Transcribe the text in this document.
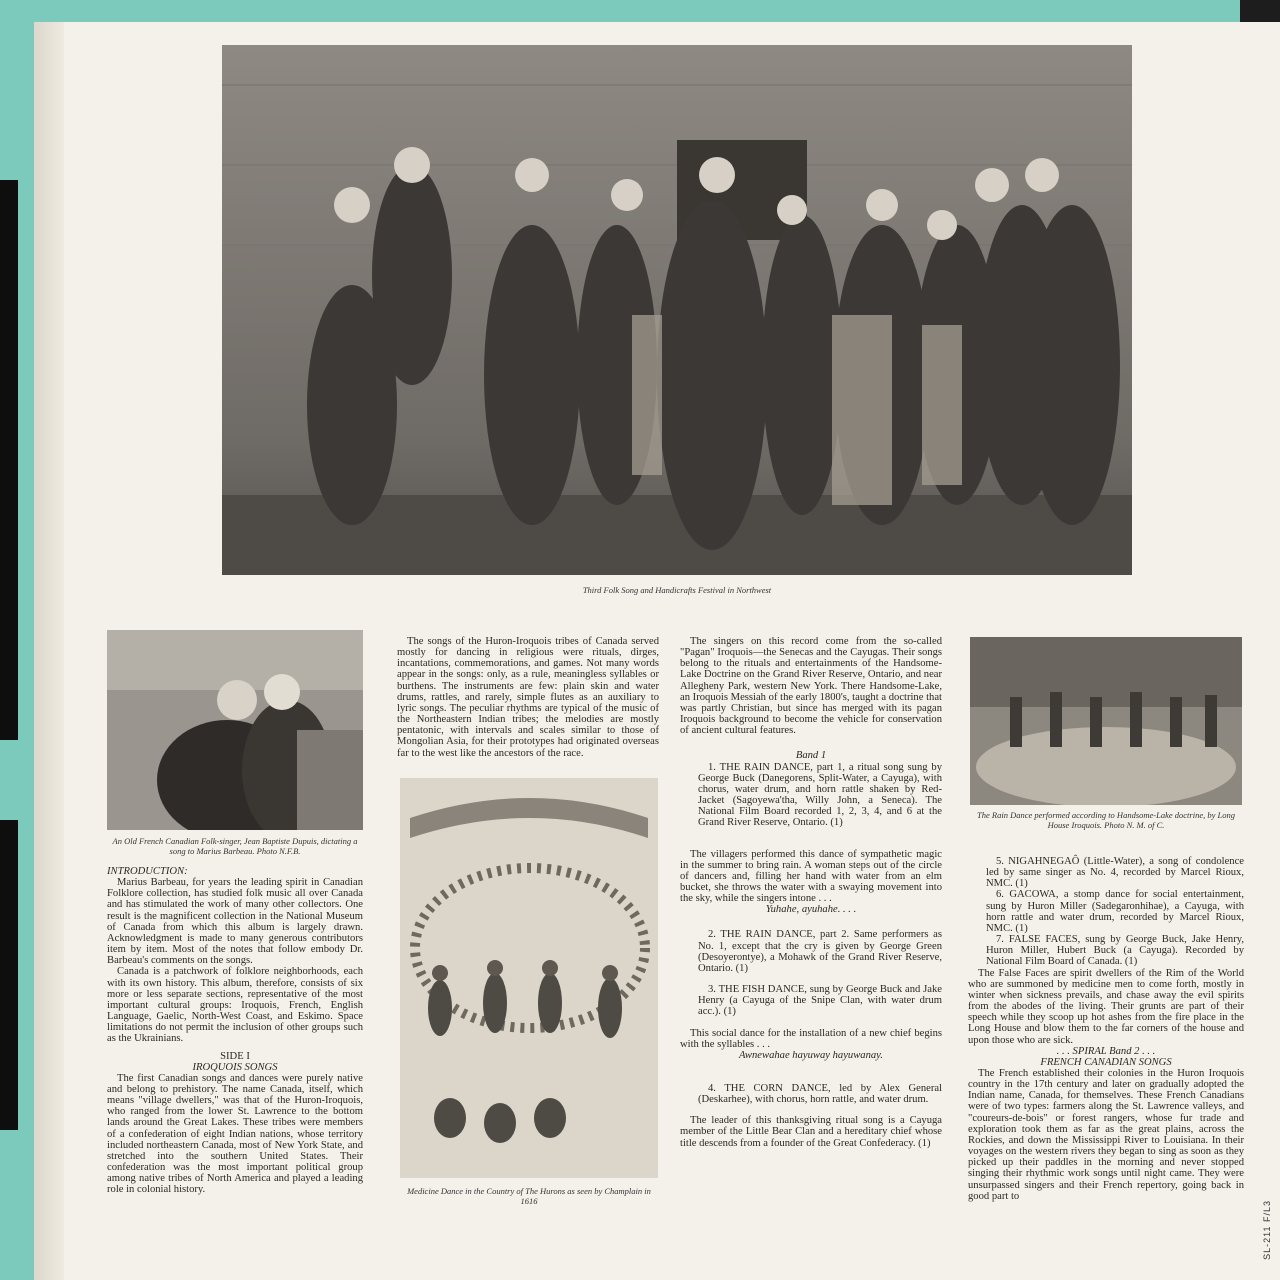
Third Folk Song and Handicrafts Festival in Northwest
An Old French Canadian Folk-singer, Jean Baptiste Dupuis, dictating a song to Marius Barbeau. Photo N.F.B.
Medicine Dance in the Country of The Hurons as seen by Champlain in 1616
The Rain Dance performed according to Handsome-Lake doctrine, by Long House Iroquois. Photo N. M. of C.

INTRODUCTION:

Marius Barbeau, for years the leading spirit in Canadian Folklore collection, has studied folk music all over Canada and has stimulated the work of many other collectors. One result is the magnificent collection in the National Museum of Canada from which this album is largely drawn. Acknowledgment is made to many generous contributors item by item. Most of the notes that follow embody Dr. Barbeau's comments on the songs.

Canada is a patchwork of folklore neighborhoods, each with its own history. This album, therefore, consists of six more or less separate sections, representative of the most important cultural groups: Iroquois, French, English Language, Gaelic, North-West Coast, and Eskimo. Space limitations do not permit the inclusion of other groups such as the Ukrainians.

SIDE I

IROQUOIS SONGS

The first Canadian songs and dances were purely native and belong to prehistory. The name Canada, itself, which means "village dwellers," was that of the Huron-Iroquois, who ranged from the lower St. Lawrence to the bottom lands around the Great Lakes. These tribes were members of a confederation of eight Indian nations, whose territory included northeastern Canada, most of New York State, and stretched into the southern United States. Their confederation was the most important political group among native tribes of North America and played a leading role in colonial history.

The songs of the Huron-Iroquois tribes of Canada served mostly for dancing in religious were rituals, dirges, incantations, commemorations, and games. Not many words appear in the songs: only, as a rule, meaningless syllables or burthens. The instruments are few: plain skin and water drums, rattles, and rarely, simple flutes as an auxiliary to lyric songs. The peculiar rhythms are typical of the music of the Northeastern Indian tribes; the melodies are mostly pentatonic, with intervals and scales similar to those of Mongolian Asia, for their prototypes had originated overseas far to the west like the ancestors of the race.

The singers on this record come from the so-called "Pagan" Iroquois—the Senecas and the Cayugas. Their songs belong to the rituals and entertainments of the Handsome-Lake Doctrine on the Grand River Reserve, Ontario, and near Allegheny Park, western New York. There Handsome-Lake, an Iroquois Messiah of the early 1800's, taught a doctrine that was partly Christian, but since has merged with its pagan Iroquois background to become the vehicle for conservation of ancient cultural features.

Band 1

1. THE RAIN DANCE, part 1, a ritual song sung by George Buck (Danegorens, Split-Water, a Cayuga), with chorus, water drum, and horn rattle shaken by Red-Jacket (Sagoyewa'tha, Willy John, a Seneca). The National Film Board recorded 1, 2, 3, 4, and 6 at the Grand River Reserve, Ontario. (1)

The villagers performed this dance of sympathetic magic in the summer to bring rain. A woman steps out of the circle of dancers and, filling her hand with water from an elm bucket, she throws the water with a swaying movement into the sky, while the singers intone . . .

Yuhahe, ayuhahe. . . .

2. THE RAIN DANCE, part 2. Same performers as No. 1, except that the cry is given by George Green (Desoyerontye), a Mohawk of the Grand River Reserve, Ontario. (1)

3. THE FISH DANCE, sung by George Buck and Jake Henry (a Cayuga of the Snipe Clan, with water drum acc.). (1)

This social dance for the installation of a new chief begins with the syllables . . .

Awnewahae hayuway hayuwanay.

4. THE CORN DANCE, led by Alex General (Deskarhee), with chorus, horn rattle, and water drum.

The leader of this thanksgiving ritual song is a Cayuga member of the Little Bear Clan and a hereditary chief whose title descends from a founder of the Great Confederacy. (1)

5. NIGAHNEGAÔ (Little-Water), a song of condolence led by same singer as No. 4, recorded by Marcel Rioux, NMC. (1)

6. GACOWA, a stomp dance for social entertainment, sung by Huron Miller (Sadegaronhihae), a Cayuga, with horn rattle and water drum, recorded by Marcel Rioux, NMC. (1)

7. FALSE FACES, sung by George Buck, Jake Henry, Huron Miller, Hubert Buck (a Cayuga). Recorded by National Film Board of Canada. (1)

The False Faces are spirit dwellers of the Rim of the World who are summoned by medicine men to come forth, mostly in winter when sickness prevails, and chase away the evil spirits from the abodes of the living. Their grunts are part of their speech while they scoop up hot ashes from the fire place in the Long House and blow them to the far corners of the house and upon those who are sick.

. . . SPIRAL Band 2 . . .

FRENCH CANADIAN SONGS

The French established their colonies in the Huron Iroquois country in the 17th century and later on gradually adopted the Indian name, Canada, for themselves. These French Canadians were of two types: farmers along the St. Lawrence valleys, and "coureurs-de-bois" or forest rangers, whose fur trade and exploration took them as far as the great plains, across the Rockies, and down the Mississippi River to Louisiana. In their voyages on the western rivers they began to sing as soon as they picked up their paddles in the morning and never stopped singing their rhythmic work songs until night came. They were unsurpassed singers and their French repertory, going back in good part to

SL-211 F/L3
